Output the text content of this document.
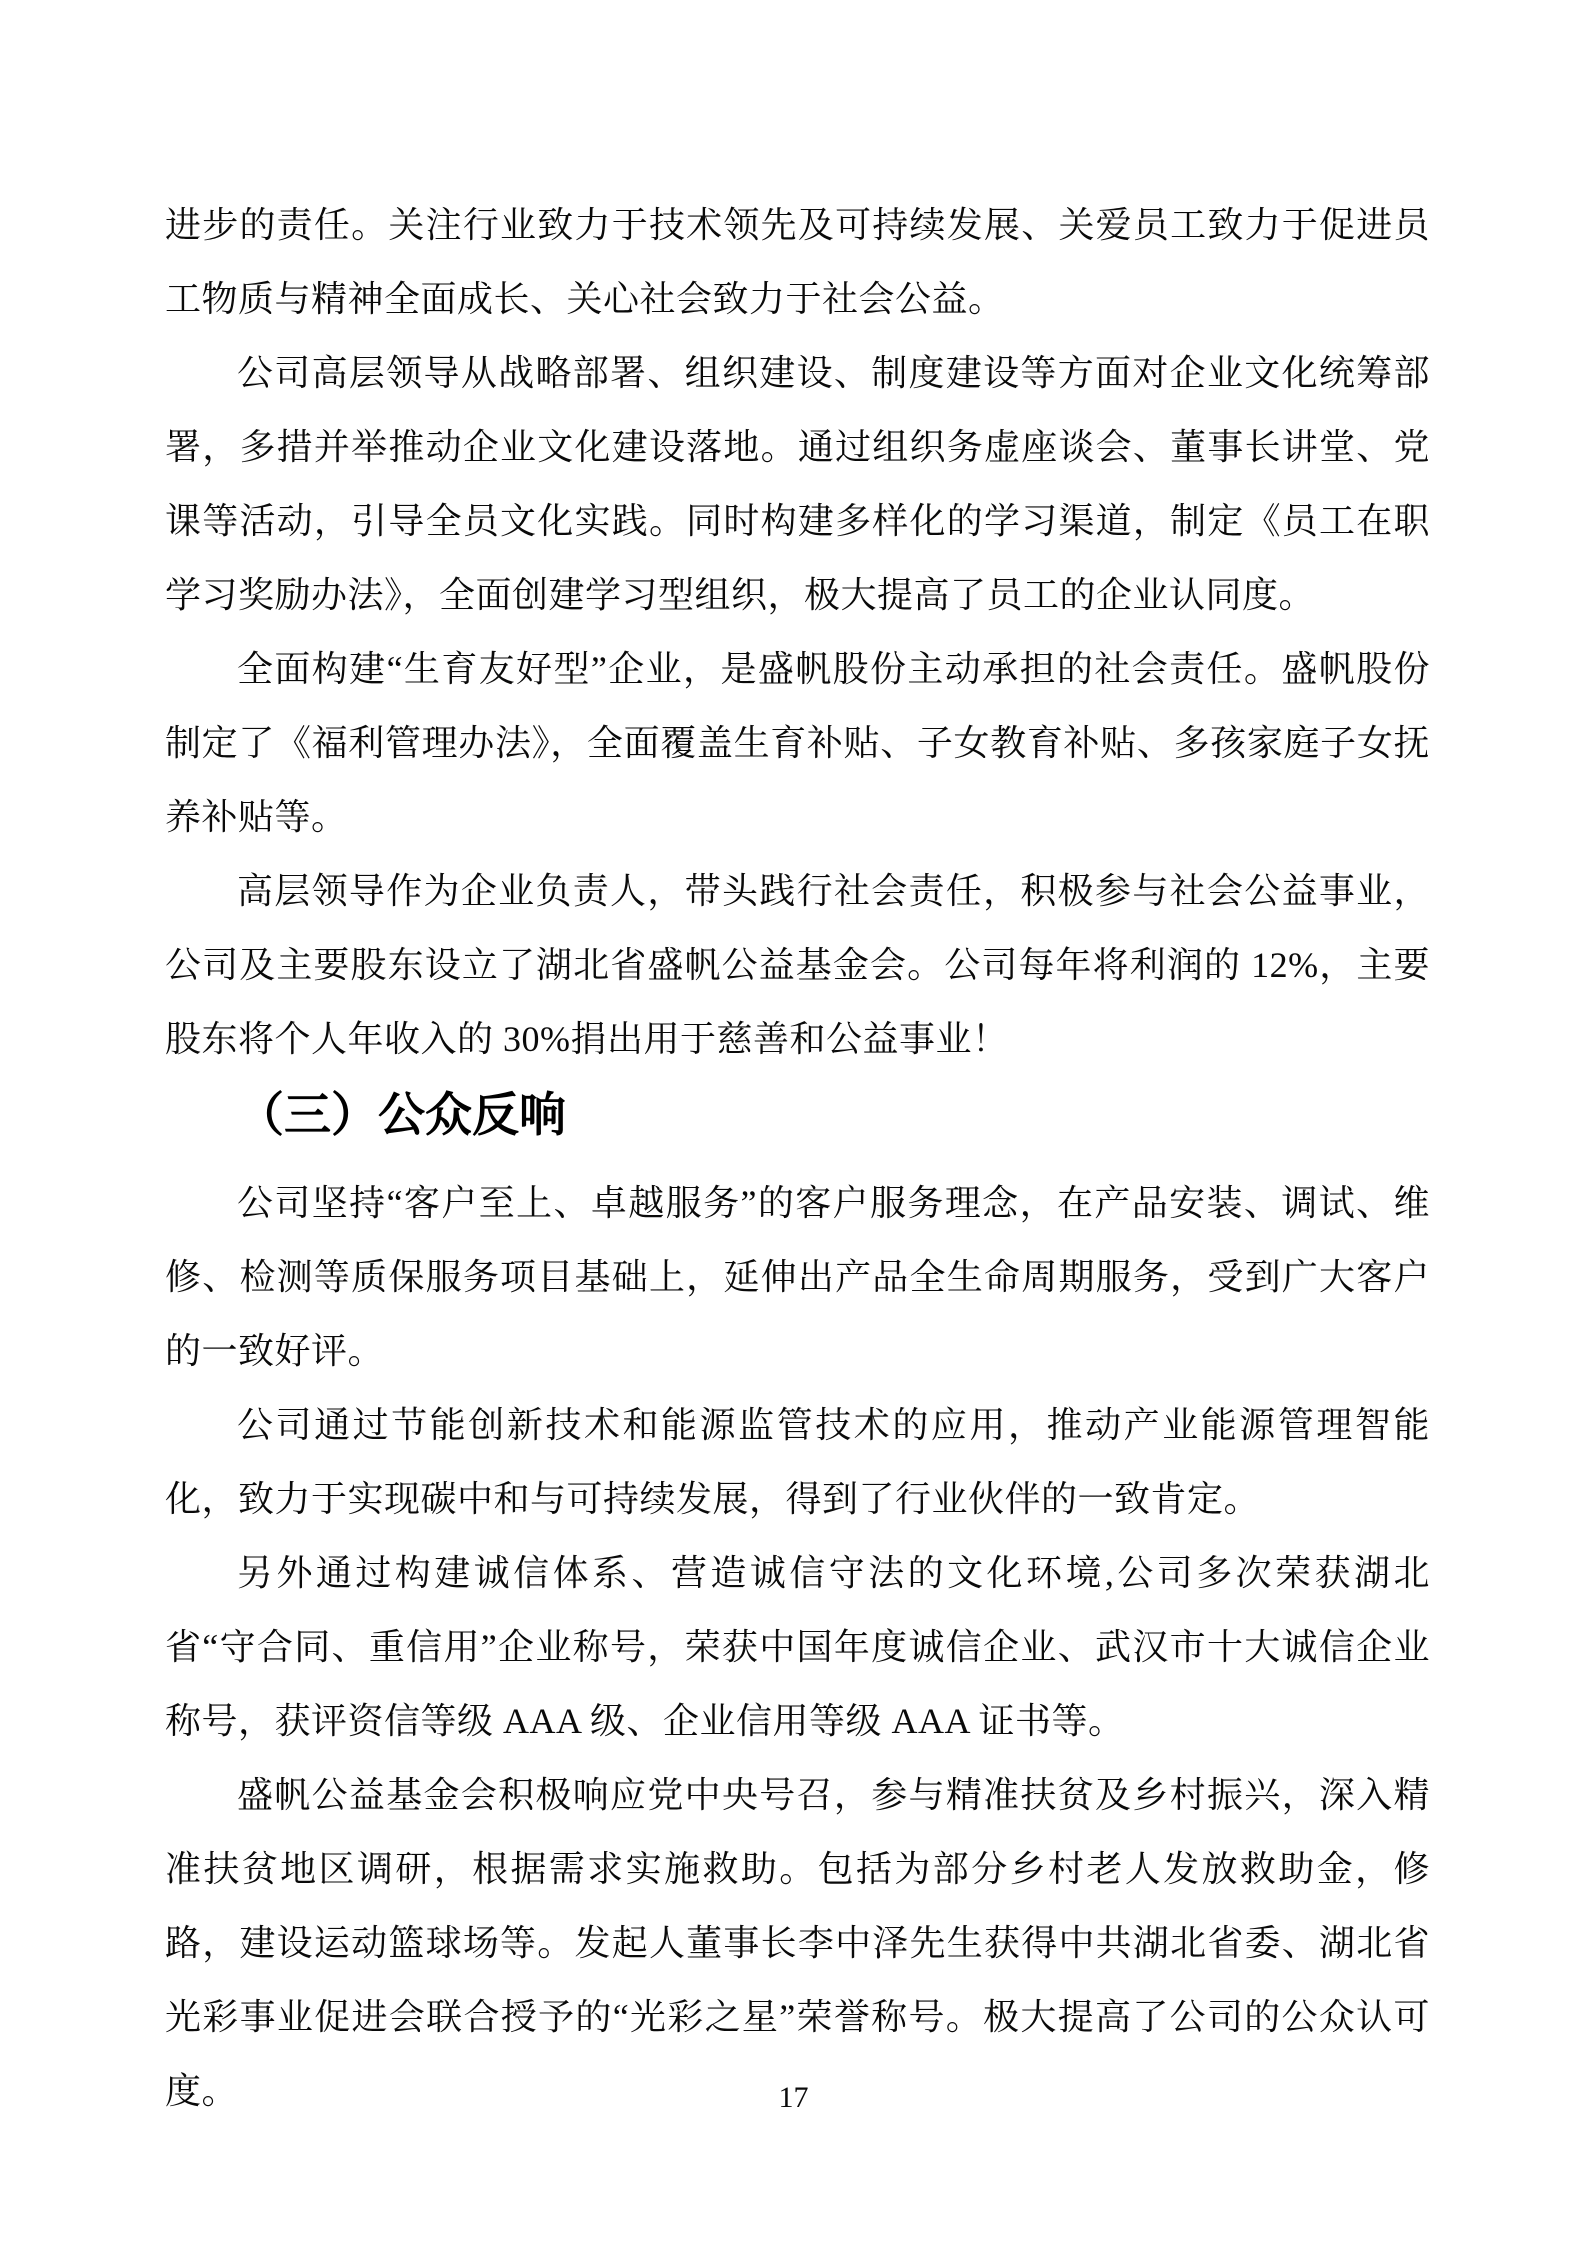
进步的责任。关注行业致力于技术领先及可持续发展、关爱员工致力于促进员工物质与精神全面成长、关心社会致力于社会公益。

公司高层领导从战略部署、组织建设、制度建设等方面对企业文化统筹部署，多措并举推动企业文化建设落地。通过组织务虚座谈会、董事长讲堂、党课等活动，引导全员文化实践。同时构建多样化的学习渠道，制定《员工在职学习奖励办法》，全面创建学习型组织，极大提高了员工的企业认同度。

全面构建“生育友好型”企业，是盛帆股份主动承担的社会责任。盛帆股份制定了《福利管理办法》，全面覆盖生育补贴、子女教育补贴、多孩家庭子女抚养补贴等。

高层领导作为企业负责人，带头践行社会责任，积极参与社会公益事业，公司及主要股东设立了湖北省盛帆公益基金会。公司每年将利润的 12%，主要股东将个人年收入的 30%捐出用于慈善和公益事业！

（三）公众反响

公司坚持“客户至上、卓越服务”的客户服务理念，在产品安装、调试、维修、检测等质保服务项目基础上，延伸出产品全生命周期服务，受到广大客户的一致好评。

公司通过节能创新技术和能源监管技术的应用，推动产业能源管理智能化，致力于实现碳中和与可持续发展，得到了行业伙伴的一致肯定。

另外通过构建诚信体系、营造诚信守法的文化环境,公司多次荣获湖北省“守合同、重信用”企业称号，荣获中国年度诚信企业、武汉市十大诚信企业称号，获评资信等级 AAA 级、企业信用等级 AAA 证书等。

盛帆公益基金会积极响应党中央号召，参与精准扶贫及乡村振兴，深入精准扶贫地区调研，根据需求实施救助。包括为部分乡村老人发放救助金，修路，建设运动篮球场等。发起人董事长李中泽先生获得中共湖北省委、湖北省光彩事业促进会联合授予的“光彩之星”荣誉称号。极大提高了公司的公众认可度。	17
